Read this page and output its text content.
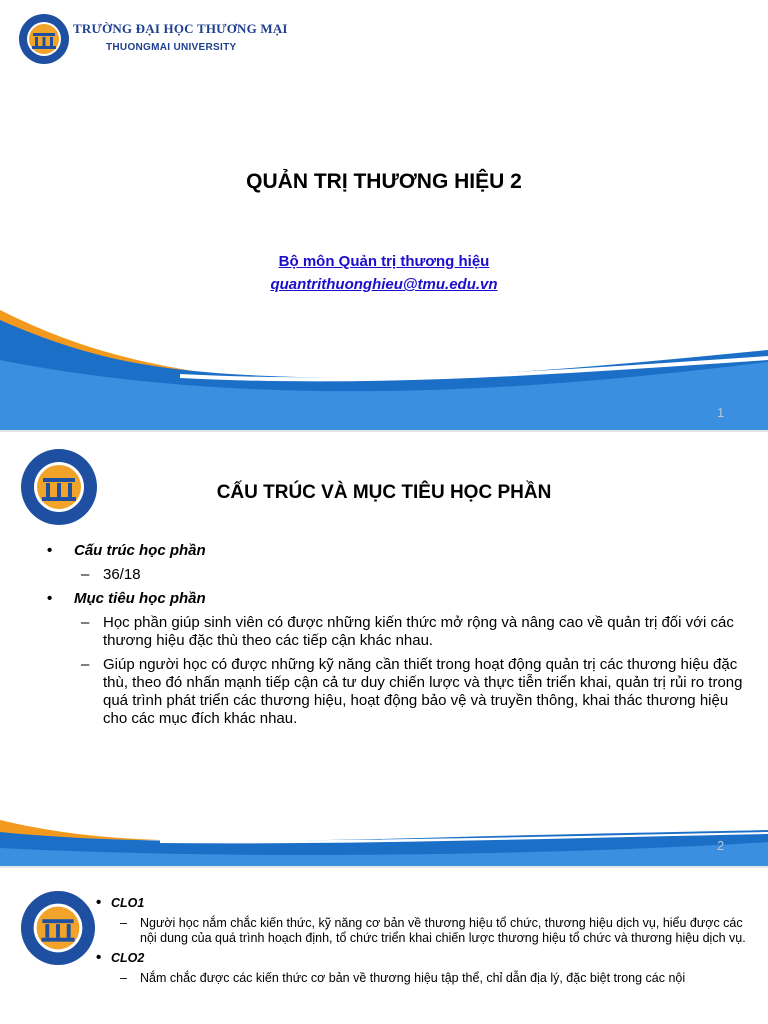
TRƯỜNG ĐẠI HỌC THƯƠNG MẠI
THUONGMAI UNIVERSITY
QUẢN TRỊ THƯƠNG HIỆU 2
Bộ môn Quản trị thương hiệu
quantrithuonghieu@tmu.edu.vn
1
CẤU TRÚC VÀ MỤC TIÊU HỌC PHẦN
• Cấu trúc học phần
– 36/18
• Mục tiêu học phần
– Học phần giúp sinh viên có được những kiến thức mở rộng và nâng cao về quản trị đối với các thương hiệu đặc thù theo các tiếp cận khác nhau.
– Giúp người học có được những kỹ năng cần thiết trong hoạt động quản trị các thương hiệu đặc thù, theo đó nhấn mạnh tiếp cận cả tư duy chiến lược và thực tiễn triển khai, quản trị rủi ro trong quá trình phát triển các thương hiệu, hoạt động bảo vệ và truyền thông, khai thác thương hiệu cho các mục đích khác nhau.
2
• CLO1
– Người học nắm chắc kiến thức, kỹ năng cơ bản về thương hiệu tổ chức, thương hiệu dịch vụ, hiểu được các nội dung của quá trình hoạch định, tổ chức triển khai chiến lược thương hiệu tổ chức và thương hiệu dịch vụ.
• CLO2
– Nắm chắc được các kiến thức cơ bản về thương hiệu tập thể, chỉ dẫn địa lý, đặc biệt trong các nội
